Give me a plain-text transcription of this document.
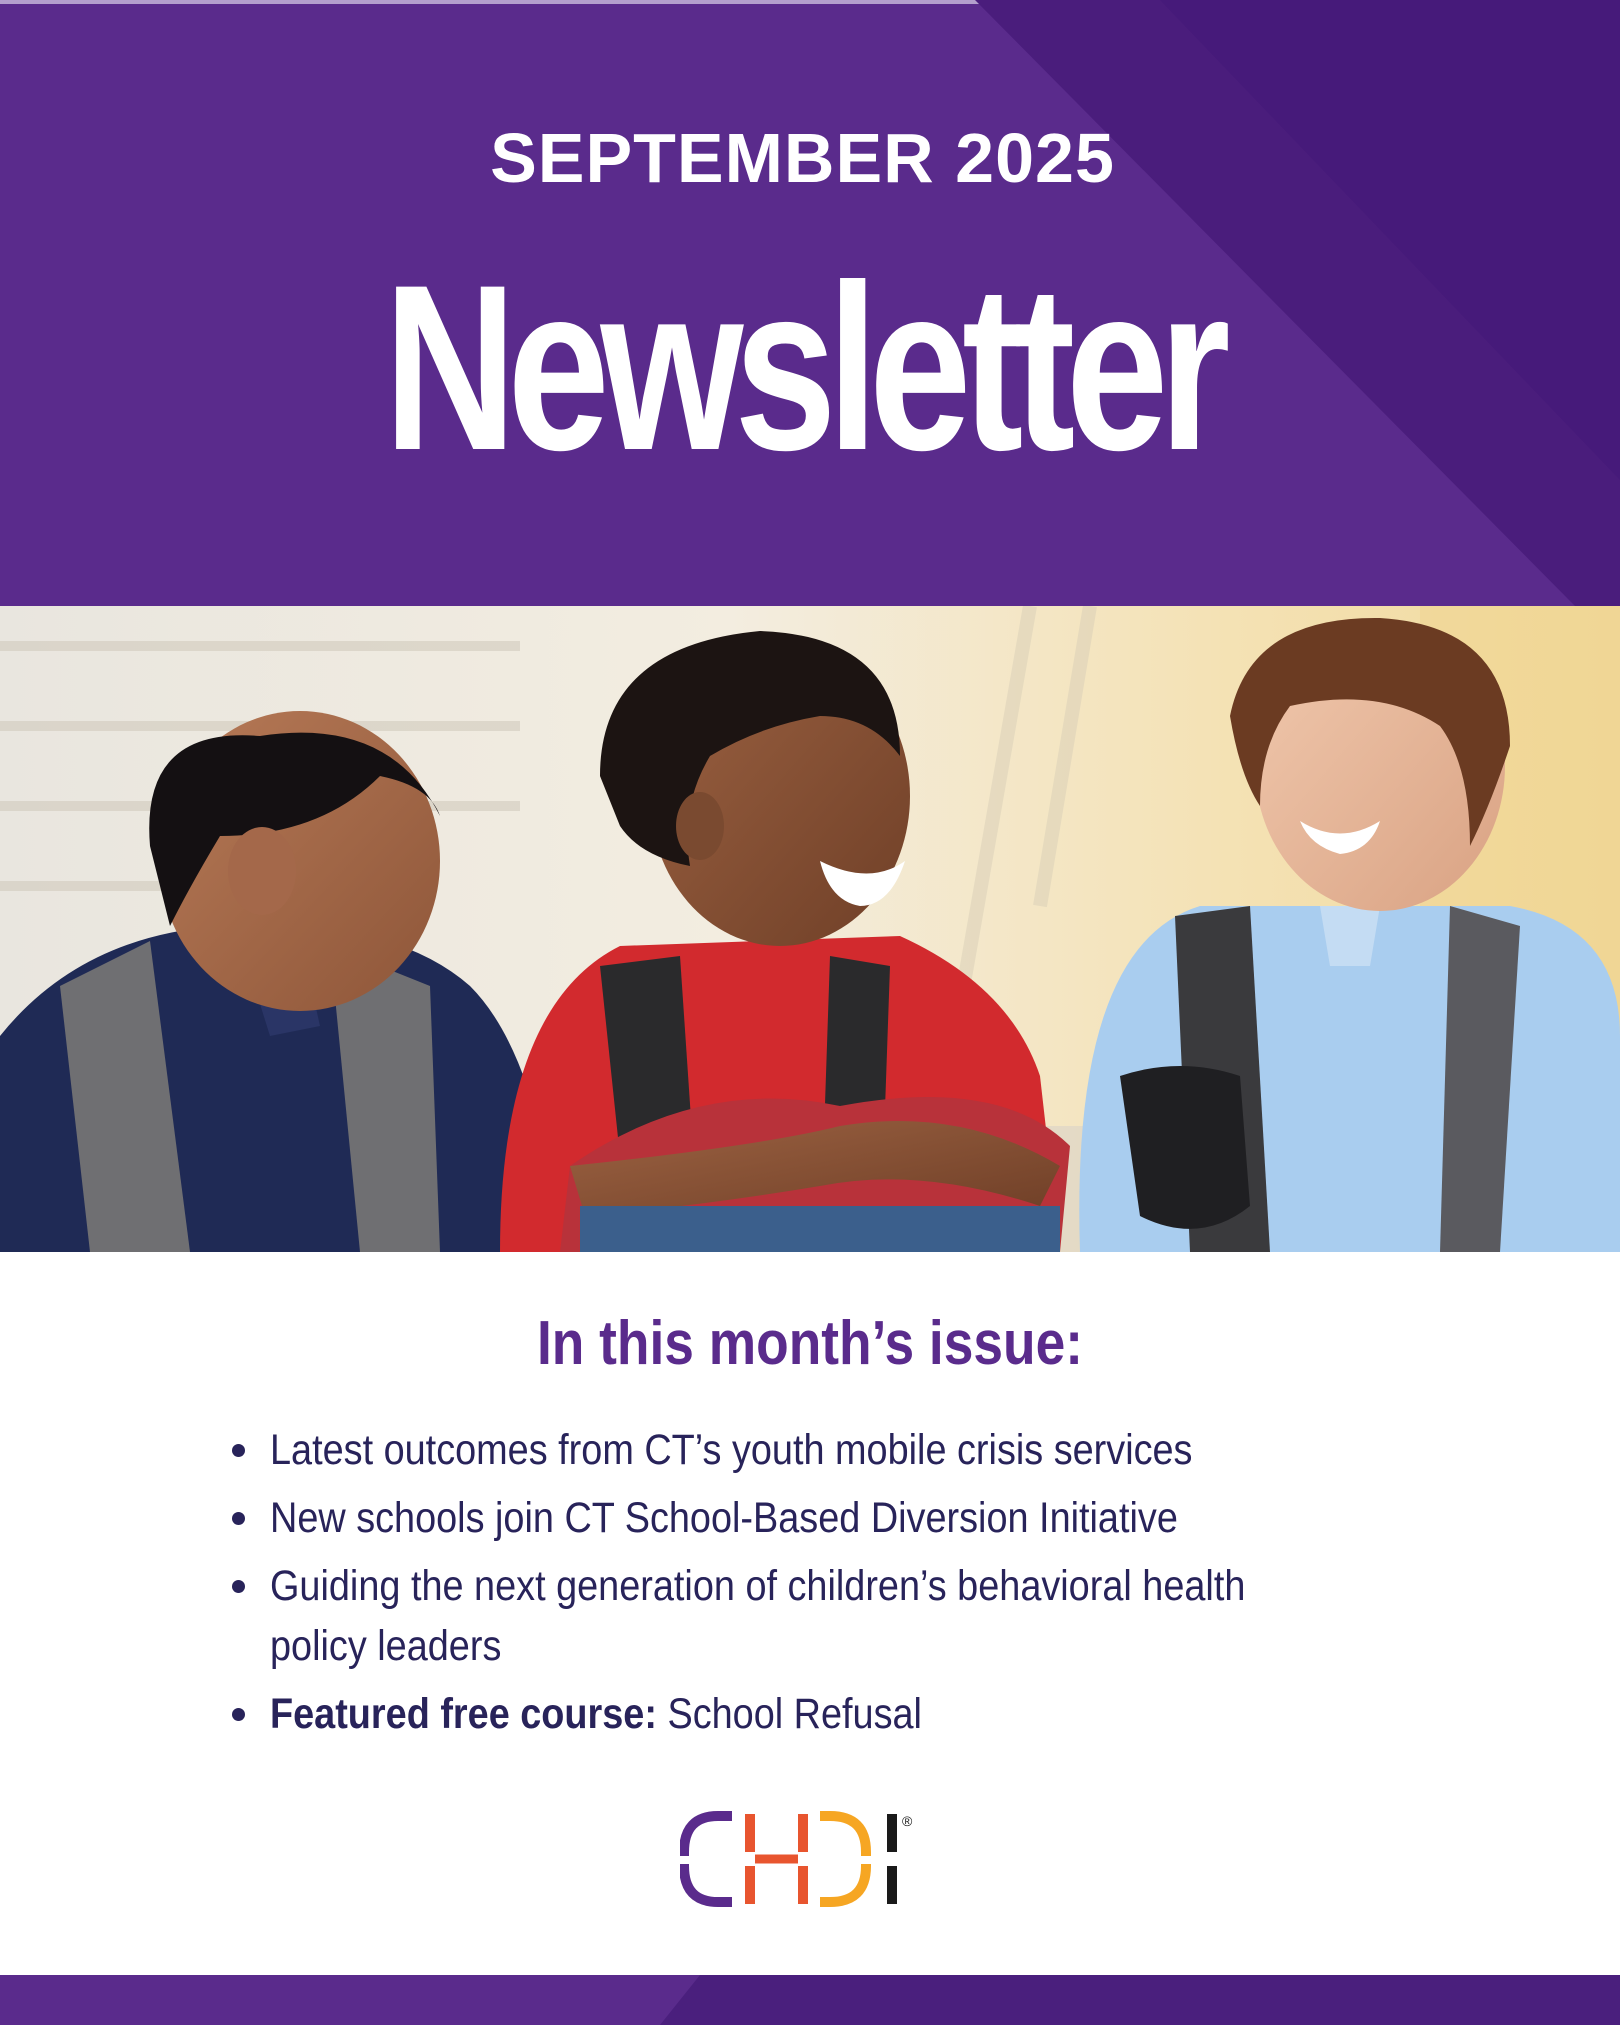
SEPTEMBER 2025
Newsletter
In this month’s issue:
Latest outcomes from CT’s youth mobile crisis services
New schools join CT School-Based Diversion Initiative
Guiding the next generation of children’s behavioral health
policy leaders
Featured free course: School Refusal
®
